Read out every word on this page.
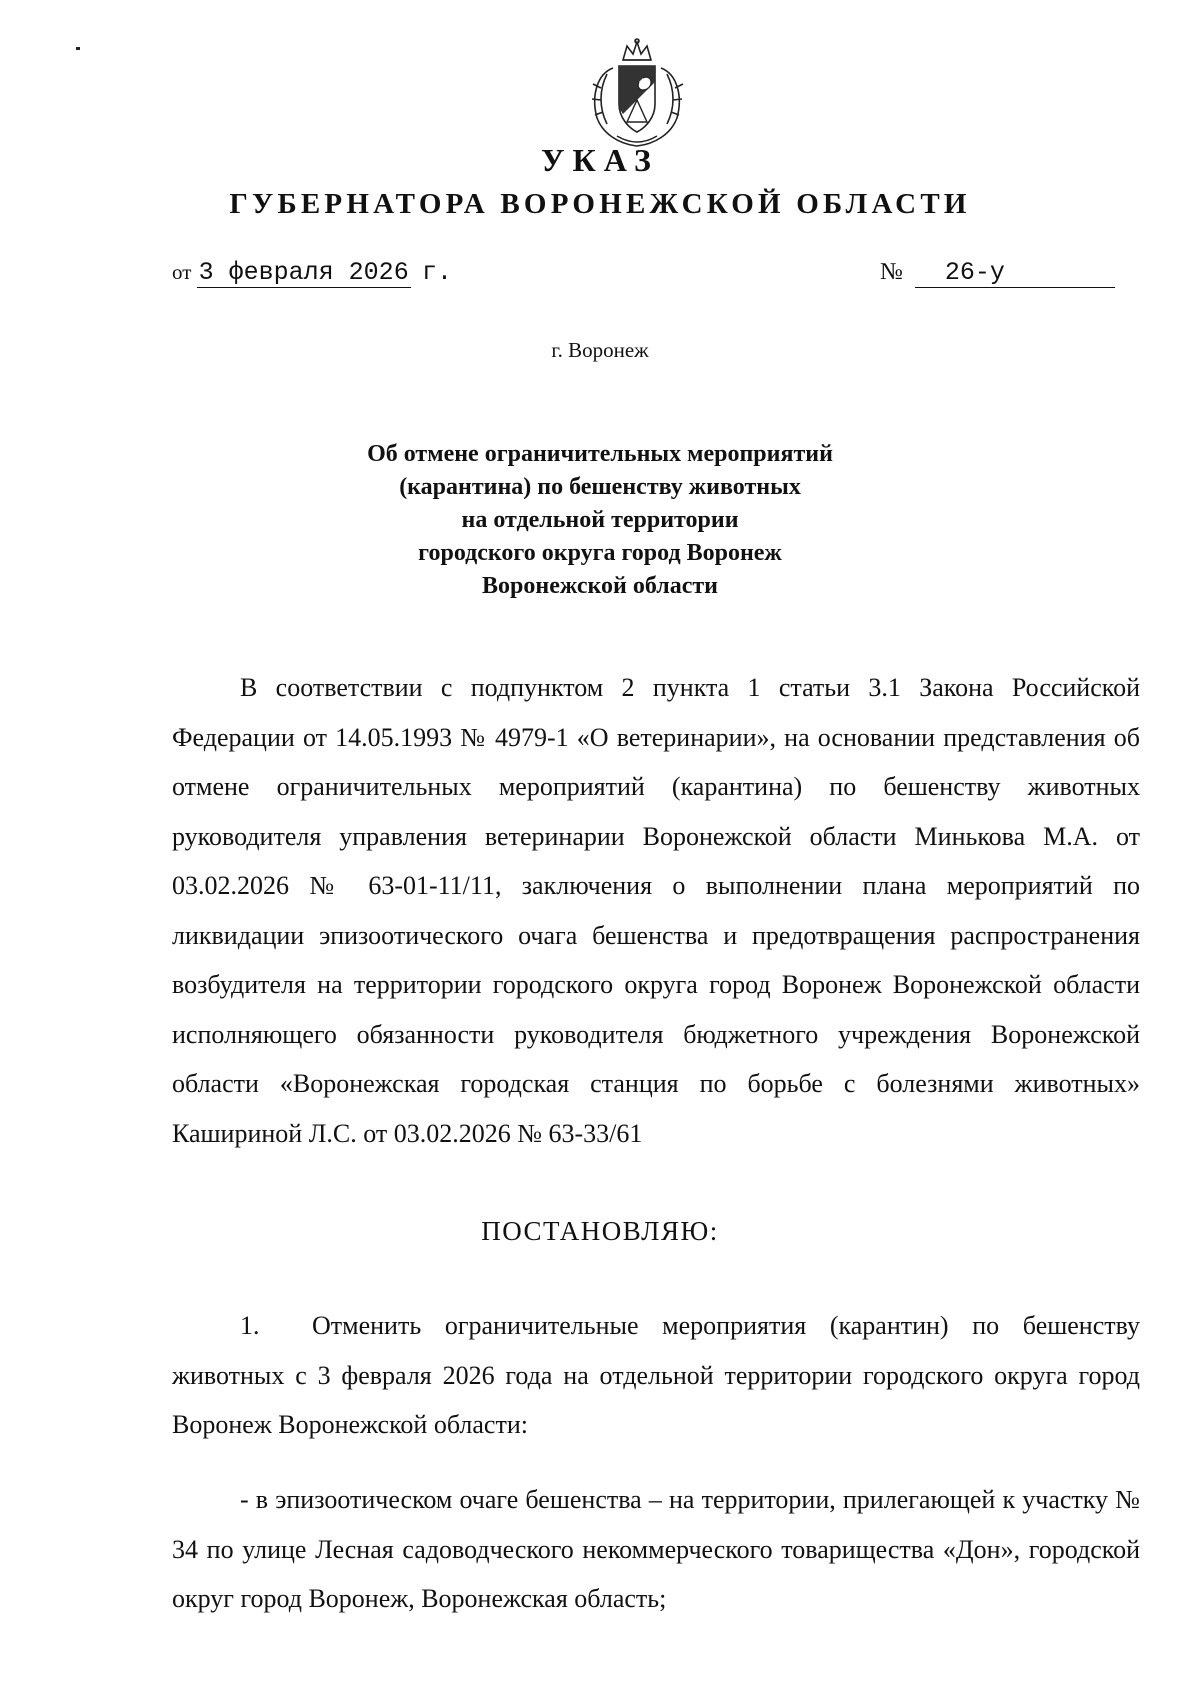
УКАЗ
ГУБЕРНАТОРА ВОРОНЕЖСКОЙ ОБЛАСТИ
от 3 февраля 2026 г.	№ 26-у
г. Воронеж
Об отмене ограничительных мероприятий
(карантина) по бешенству животных
на отдельной территории
городского округа город Воронеж
Воронежской области

В соответствии с подпунктом 2 пункта 1 статьи 3.1 Закона Российской Федерации от 14.05.1993 № 4979-1 «О ветеринарии», на основании представления об отмене ограничительных мероприятий (карантина) по бешенству животных руководителя управления ветеринарии Воронежской области Минькова М.А. от 03.02.2026 № 63-01-11/11, заключения о выполнении плана мероприятий по ликвидации эпизоотического очага бешенства и предотвращения распространения возбудителя на территории городского округа город Воронеж Воронежской области исполняющего обязанности руководителя бюджетного учреждения Воронежской области «Воронежская городская станция по борьбе с болезнями животных» Кашириной Л.С. от 03.02.2026 № 63-33/61

ПОСТАНОВЛЯЮ:

1. Отменить ограничительные мероприятия (карантин) по бешенству животных с 3 февраля 2026 года на отдельной территории городского округа город Воронеж Воронежской области:

- в эпизоотическом очаге бешенства – на территории, прилегающей к участку № 34 по улице Лесная садоводческого некоммерческого товарищества «Дон», городской округ город Воронеж, Воронежская область;
